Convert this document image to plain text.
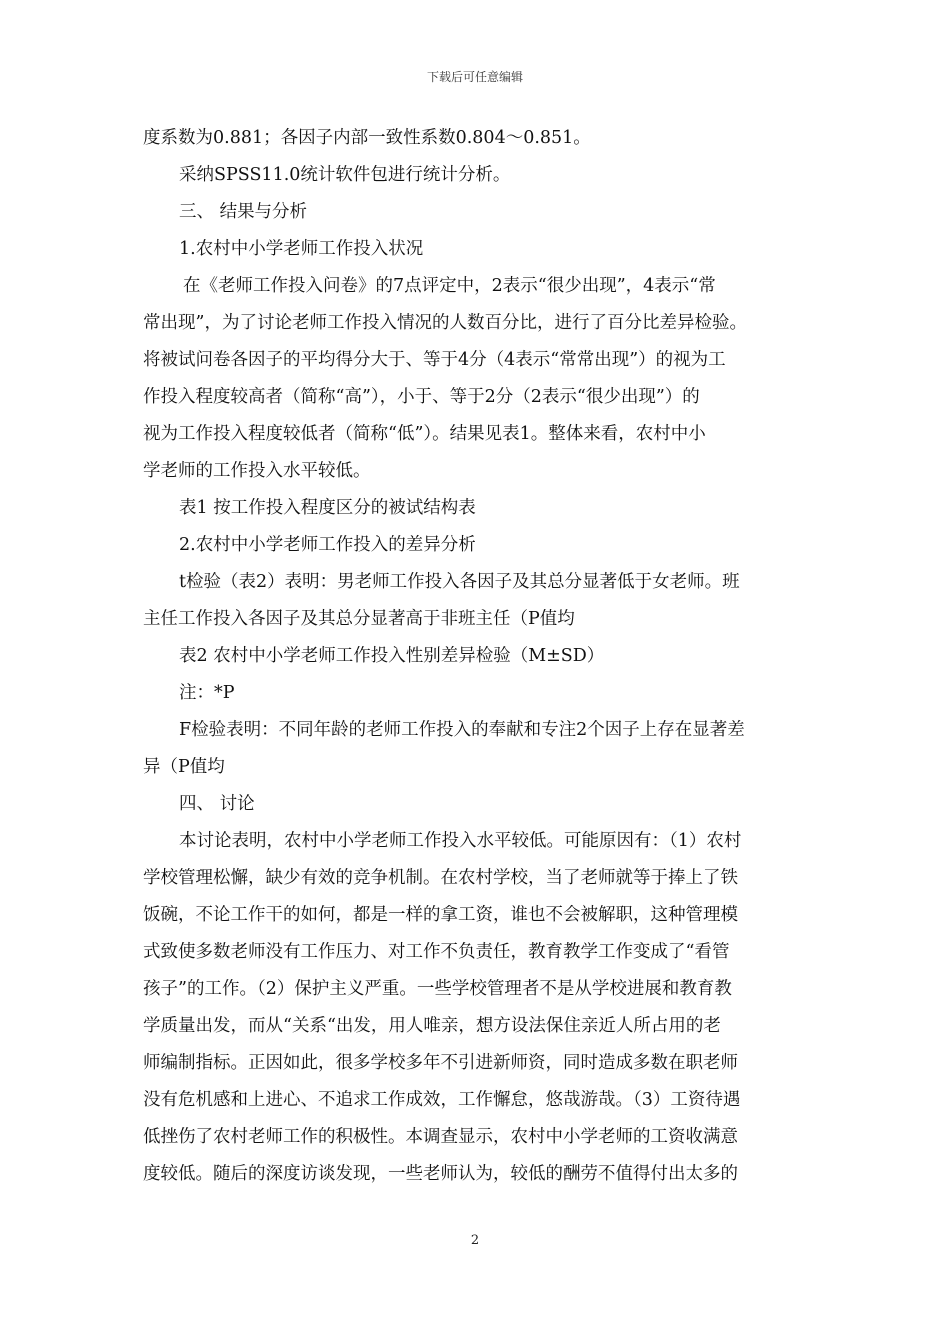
下载后可任意编辑
度系数为0.881；各因子内部一致性系数0.804～0.851。
采纳SPSS11.0统计软件包进行统计分析。
三、 结果与分析
1.农村中小学老师工作投入状况
在《老师工作投入问卷》的7点评定中，2表示“很少出现”，4表示“常
常出现”，为了讨论老师工作投入情况的人数百分比，进行了百分比差异检验。
将被试问卷各因子的平均得分大于、等于4分（4表示“常常出现”）的视为工
作投入程度较高者（简称“高”），小于、等于2分（2表示“很少出现”）的
视为工作投入程度较低者（简称“低”）。结果见表1。整体来看，农村中小
学老师的工作投入水平较低。
表1 按工作投入程度区分的被试结构表
2.农村中小学老师工作投入的差异分析
t检验（表2）表明：男老师工作投入各因子及其总分显著低于女老师。班
主任工作投入各因子及其总分显著高于非班主任（P值均
表2 农村中小学老师工作投入性别差异检验（M±SD）
注：*P
F检验表明：不同年龄的老师工作投入的奉献和专注2个因子上存在显著差
异（P值均
四、 讨论
本讨论表明，农村中小学老师工作投入水平较低。可能原因有：（1）农村
学校管理松懈，缺少有效的竞争机制。在农村学校，当了老师就等于捧上了铁
饭碗，不论工作干的如何，都是一样的拿工资，谁也不会被解职，这种管理模
式致使多数老师没有工作压力、对工作不负责任，教育教学工作变成了“看管
孩子”的工作。（2）保护主义严重。一些学校管理者不是从学校进展和教育教
学质量出发，而从“关系“出发，用人唯亲，想方设法保住亲近人所占用的老
师编制指标。正因如此，很多学校多年不引进新师资，同时造成多数在职老师
没有危机感和上进心、不追求工作成效，工作懈怠，悠哉游哉。（3）工资待遇
低挫伤了农村老师工作的积极性。本调查显示，农村中小学老师的工资收满意
度较低。随后的深度访谈发现，一些老师认为，较低的酬劳不值得付出太多的
2
